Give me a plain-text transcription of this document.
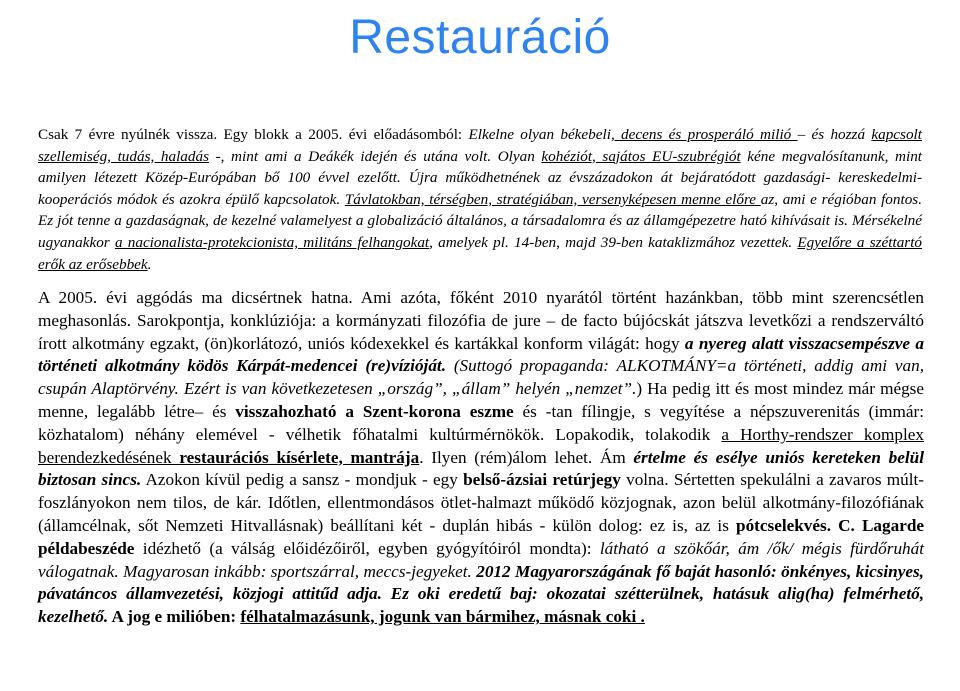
Restauráció
Csak 7 évre nyúlnék vissza. Egy blokk a 2005. évi előadásomból: Elkelne olyan békebeli, decens és prosperáló milió – és hozzá kapcsolt szellemiség, tudás, haladás -, mint ami a Deákék idején és utána volt. Olyan kohéziót, sajátos EU-szubrégiót kéne megvalósítanunk, mint amilyen létezett Közép-Európában bő 100 évvel ezelőtt. Újra működhetnének az évszázadokon át bejáratódott gazdasági- kereskedelmi-kooperációs módok és azokra épülő kapcsolatok. Távlatokban, térségben, stratégiában, versenyképesen menne előre az, ami e régióban fontos. Ez jót tenne a gazdaságnak, de kezelné valamelyest a globalizáció általános, a társadalomra és az államgépezetre ható kihívásait is. Mérsékelné ugyanakkor a nacionalista-protekcionista, militáns felhangokat, amelyek pl. 14-ben, majd 39-ben kataklizmához vezettek. Egyelőre a széttartó erők az erősebbek.
A 2005. évi aggódás ma dicsértnek hatna. Ami azóta, főként 2010 nyarától történt hazánkban, több mint szerencsétlen meghasonlás. Sarokpontja, konklúziója: a kormányzati filozófia de jure – de facto bújócskát játszva levetkőzi a rendszerváltó írott alkotmány egzakt, (ön)korlátozó, uniós kódexekkel és kartákkal konform világát: hogy a nyereg alatt visszacsempészve a történeti alkotmány ködös Kárpát-medencei (re)vízióját. (Suttogó propaganda: ALKOTMÁNY=a történeti, addig ami van, csupán Alaptörvény. Ezért is van következetesen „ország”, „állam” helyén „nemzet”.) Ha pedig itt és most mindez már mégse menne, legalább létre– és visszahozható a Szent-korona eszme és -tan fílingje, s vegyítése a népszuverenitás (immár: közhatalom) néhány elemével - vélhetik főhatalmi kultúrmérnökök. Lopakodik, tolakodik a Horthy-rendszer komplex berendezkedésének restaurációs kísérlete, mantrája. Ilyen (rém)álom lehet. Ám értelme és esélye uniós kereteken belül biztosan sincs. Azokon kívül pedig a sansz - mondjuk - egy belső-ázsiai retúrjegy volna. Sértetten spekulálni a zavaros múlt-foszlányokon nem tilos, de kár. Időtlen, ellentmondásos ötlet-halmazt működő közjognak, azon belül alkotmány-filozófiának (államcélnak, sőt Nemzeti Hitvallásnak) beállítani két - duplán hibás - külön dolog: ez is, az is pótcselekvés. C. Lagarde példabeszéde idézhető (a válság előidézőiről, egyben gyógyítóiról mondta): látható a szökőár, ám /ők/ mégis fürdőruhát válogatnak. Magyarosan inkább: sportszárral, meccs-jegyeket. 2012 Magyarországának fő baját hasonló: önkényes, kicsinyes, pávatáncos államvezetési, közjogi attitűd adja. Ez oki eredetű baj: okozatai szétterülnek, hatásuk alig(ha) felmérhető, kezelhető. A jog e milióben: félhatalmazásunk, jogunk van bármihez, másnak coki .
